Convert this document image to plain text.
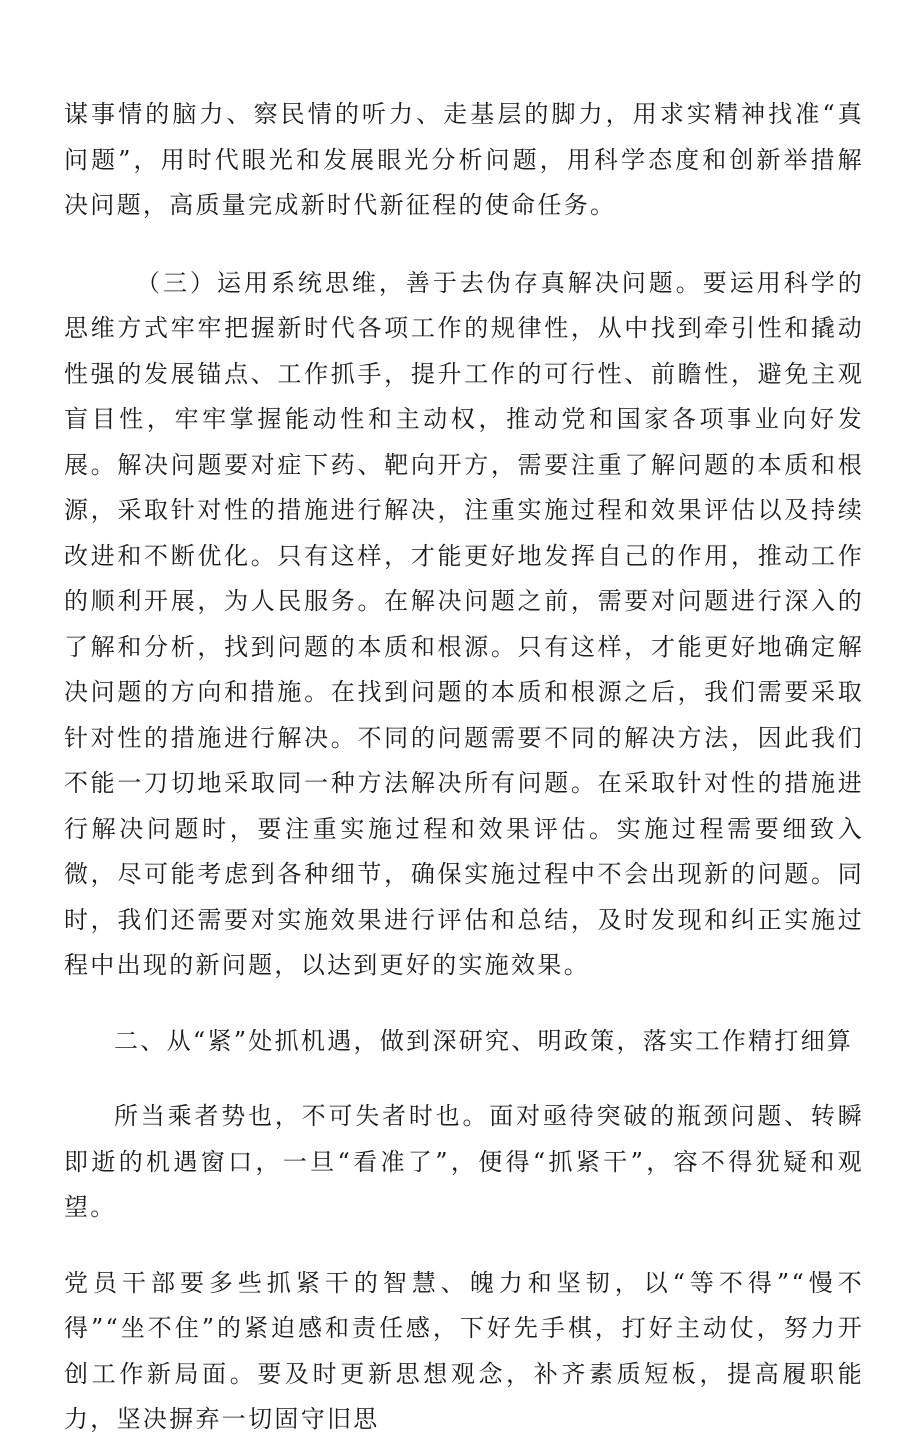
谋事情的脑力、察民情的听力、走基层的脚力，用求实精神找准“真问题”，用时代眼光和发展眼光分析问题，用科学态度和创新举措解决问题，高质量完成新时代新征程的使命任务。

（三）运用系统思维，善于去伪存真解决问题。要运用科学的思维方式牢牢把握新时代各项工作的规律性，从中找到牵引性和撬动性强的发展锚点、工作抓手，提升工作的可行性、前瞻性，避免主观盲目性，牢牢掌握能动性和主动权，推动党和国家各项事业向好发展。解决问题要对症下药、靶向开方，需要注重了解问题的本质和根源，采取针对性的措施进行解决，注重实施过程和效果评估以及持续改进和不断优化。只有这样，才能更好地发挥自己的作用，推动工作的顺利开展，为人民服务。在解决问题之前，需要对问题进行深入的了解和分析，找到问题的本质和根源。只有这样，才能更好地确定解决问题的方向和措施。在找到问题的本质和根源之后，我们需要采取针对性的措施进行解决。不同的问题需要不同的解决方法，因此我们不能一刀切地采取同一种方法解决所有问题。在采取针对性的措施进行解决问题时，要注重实施过程和效果评估。实施过程需要细致入微，尽可能考虑到各种细节，确保实施过程中不会出现新的问题。同时，我们还需要对实施效果进行评估和总结，及时发现和纠正实施过程中出现的新问题，以达到更好的实施效果。

二、从“紧”处抓机遇，做到深研究、明政策，落实工作精打细算

所当乘者势也，不可失者时也。面对亟待突破的瓶颈问题、转瞬即逝的机遇窗口，一旦“看准了”，便得“抓紧干”，容不得犹疑和观望。

党员干部要多些抓紧干的智慧、魄力和坚韧，以“等不得”“慢不得”“坐不住”的紧迫感和责任感，下好先手棋，打好主动仗，努力开创工作新局面。要及时更新思想观念，补齐素质短板，提高履职能力，坚决摒弃一切固守旧思
